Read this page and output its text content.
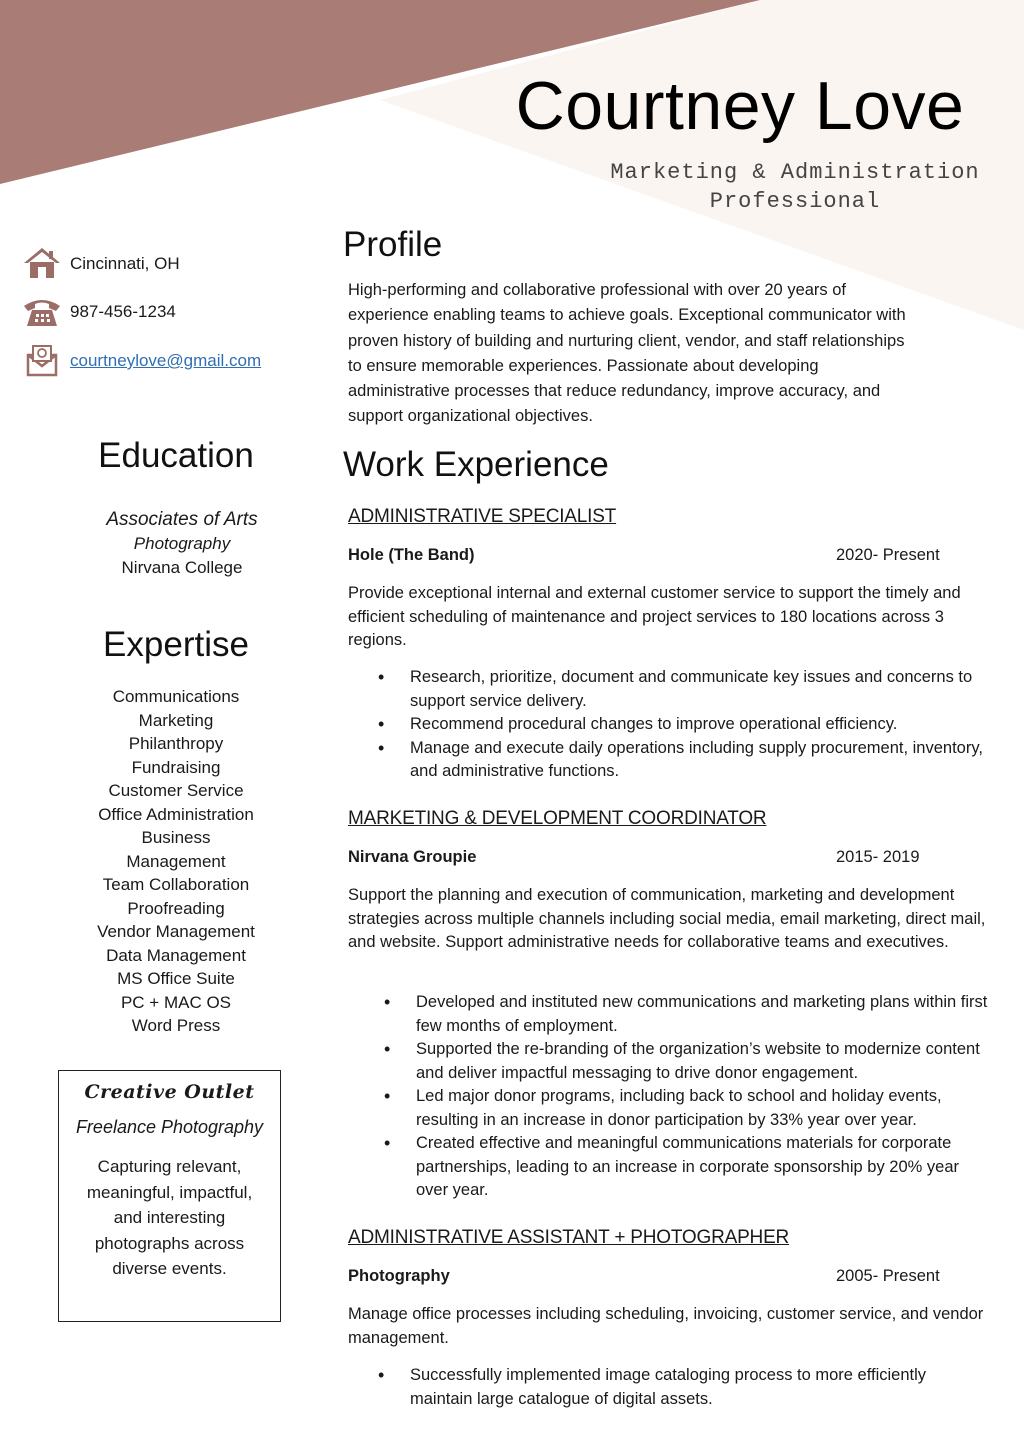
Courtney Love
Marketing & Administration
Professional
Cincinnati, OH
987-456-1234
courtneylove@gmail.com
Education
Associates of Arts
Photography
Nirvana College
Expertise
Communications
Marketing
Philanthropy
Fundraising
Customer Service
Office Administration
Business
Management
Team Collaboration
Proofreading
Vendor Management
Data Management
MS Office Suite
PC + MAC OS
Word Press
Creative Outlet
Freelance Photography
Capturing relevant, meaningful, impactful, and interesting photographs across diverse events.
Profile
High-performing and collaborative professional with over 20 years of experience enabling teams to achieve goals. Exceptional communicator with proven history of building and nurturing client, vendor, and staff relationships to ensure memorable experiences. Passionate about developing administrative processes that reduce redundancy, improve accuracy, and support organizational objectives.
Work Experience
ADMINISTRATIVE SPECIALIST
Hole (The Band)	2020- Present
Provide exceptional internal and external customer service to support the timely and efficient scheduling of maintenance and project services to 180 locations across 3 regions.
• Research, prioritize, document and communicate key issues and concerns to support service delivery.
• Recommend procedural changes to improve operational efficiency.
• Manage and execute daily operations including supply procurement, inventory, and administrative functions.
MARKETING & DEVELOPMENT COORDINATOR
Nirvana Groupie	2015- 2019
Support the planning and execution of communication, marketing and development strategies across multiple channels including social media, email marketing, direct mail, and website. Support administrative needs for collaborative teams and executives.
• Developed and instituted new communications and marketing plans within first few months of employment.
• Supported the re-branding of the organization’s website to modernize content and deliver impactful messaging to drive donor engagement.
• Led major donor programs, including back to school and holiday events, resulting in an increase in donor participation by 33% year over year.
• Created effective and meaningful communications materials for corporate partnerships, leading to an increase in corporate sponsorship by 20% year over year.
ADMINISTRATIVE ASSISTANT + PHOTOGRAPHER
Photography	2005- Present
Manage office processes including scheduling, invoicing, customer service, and vendor management.
• Successfully implemented image cataloging process to more efficiently maintain large catalogue of digital assets.
